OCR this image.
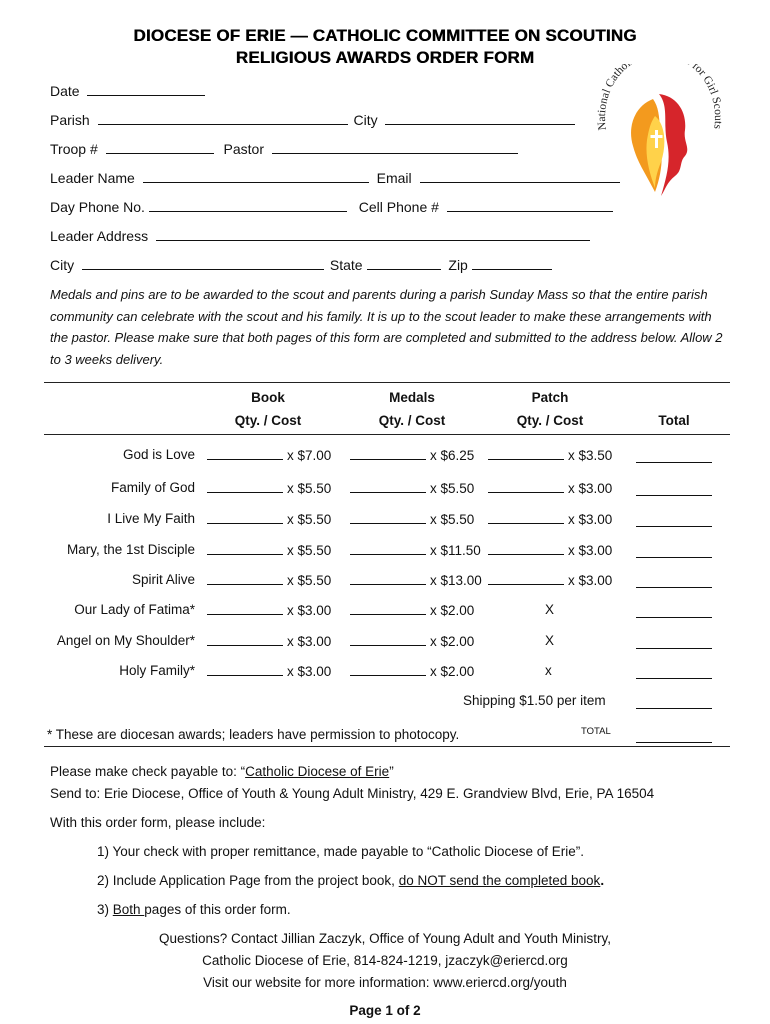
DIOCESE OF ERIE — CATHOLIC COMMITTEE ON SCOUTING
RELIGIOUS AWARDS ORDER FORM
National Catho for Girl Scouts
Date
Parish	City
Troop #	Pastor
Leader Name	Email
Day Phone No.	Cell Phone #
Leader Address
City	State	Zip
Medals and pins are to be awarded to the scout and parents during a parish Sunday Mass so that the entire parish community can celebrate with the scout and his family. It is up to the scout leader to make these arrangements with the pastor. Please make sure that both pages of this form are completed and submitted to the address below. Allow 2 to 3 weeks delivery.
Book	Medals	Patch
Qty. / Cost	Qty. / Cost	Qty. / Cost	Total
God is Love	x $7.00	x $6.25	x $3.50
Family of God	x $5.50	x $5.50	x $3.00
I Live My Faith	x $5.50	x $5.50	x $3.00
Mary, the 1st Disciple	x $5.50	x $11.50	x $3.00
Spirit Alive	x $5.50	x $13.00	x $3.00
Our Lady of Fatima*	x $3.00	x $2.00	X
Angel on My Shoulder*	x $3.00	x $2.00	X
Holy Family*	x $3.00	x $2.00	x
Shipping $1.50 per item
* These are diocesan awards; leaders have permission to photocopy.	TOTAL
Please make check payable to: “Catholic Diocese of Erie”
Send to: Erie Diocese, Office of Youth & Young Adult Ministry, 429 E. Grandview Blvd, Erie, PA 16504
With this order form, please include:
1) Your check with proper remittance, made payable to “Catholic Diocese of Erie”.
2) Include Application Page from the project book, do NOT send the completed book.
3) Both pages of this order form.
Questions? Contact Jillian Zaczyk, Office of Young Adult and Youth Ministry,
Catholic Diocese of Erie, 814-824-1219, jzaczyk@eriercd.org
Visit our website for more information: www.eriercd.org/youth
Page 1 of 2
